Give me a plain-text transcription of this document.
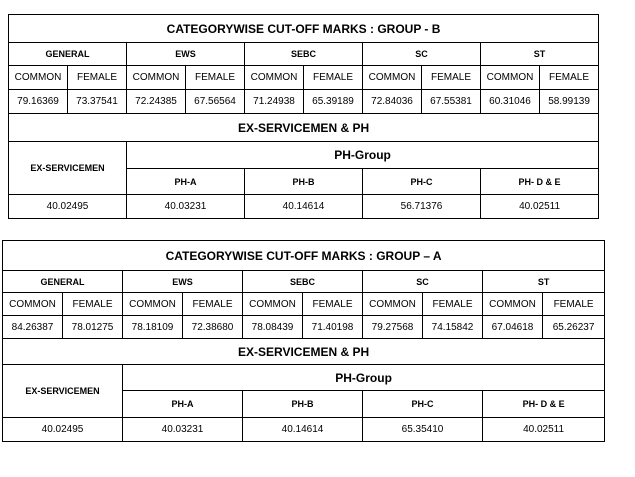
CATEGORYWISE CUT-OFF MARKS : GROUP - B									
GENERAL		EWS		SEBC		SC		ST	
COMMON	FEMALE	COMMON	FEMALE	COMMON	FEMALE	COMMON	FEMALE	COMMON	FEMALE
79.16369	73.37541	72.24385	67.56564	71.24938	65.39189	72.84036	67.55381	60.31046	58.99139
EX-SERVICEMEN & PH									
EX-SERVICEMEN		PH-Group							
		PH-A		PH-B		PH-C		PH- D & E	
40.02495		40.03231		40.14614		56.71376		40.02511	
CATEGORYWISE CUT-OFF MARKS : GROUP – A									
GENERAL		EWS		SEBC		SC		ST	
COMMON	FEMALE	COMMON	FEMALE	COMMON	FEMALE	COMMON	FEMALE	COMMON	FEMALE
84.26387	78.01275	78.18109	72.38680	78.08439	71.40198	79.27568	74.15842	67.04618	65.26237
EX-SERVICEMEN & PH									
EX-SERVICEMEN		PH-Group							
		PH-A		PH-B		PH-C		PH- D & E	
40.02495		40.03231		40.14614		65.35410		40.02511	
